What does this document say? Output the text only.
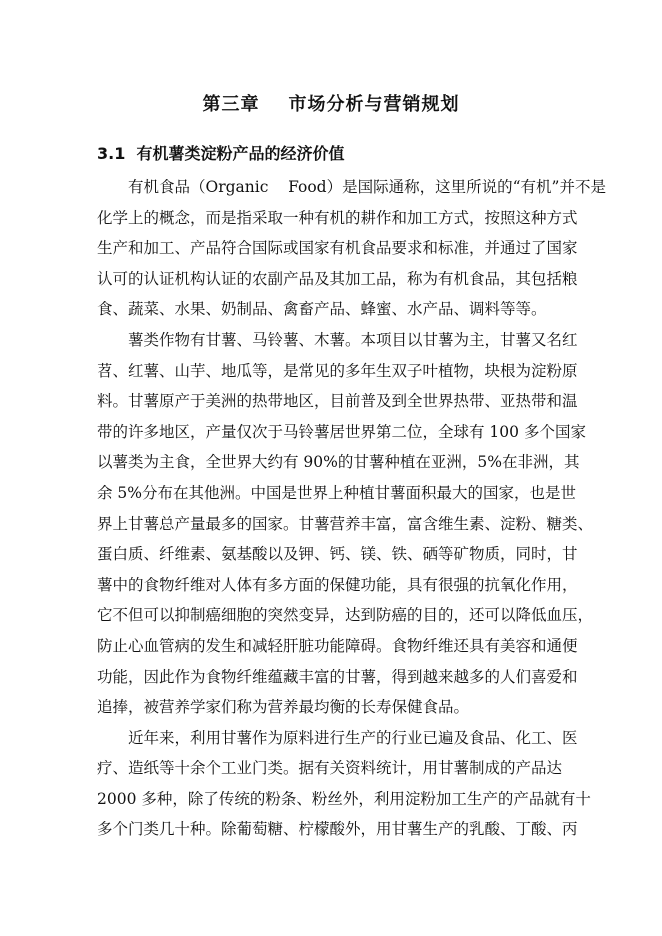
第三章    市场分析与营销规划
3.1  有机薯类淀粉产品的经济价值

有机食品（Organic    Food）是国际通称，这里所说的“有机”并不是
化学上的概念，而是指采取一种有机的耕作和加工方式，按照这种方式
生产和加工、产品符合国际或国家有机食品要求和标准，并通过了国家
认可的认证机构认证的农副产品及其加工品，称为有机食品，其包括粮
食、蔬菜、水果、奶制品、禽畜产品、蜂蜜、水产品、调料等等。

薯类作物有甘薯、马铃薯、木薯。本项目以甘薯为主，甘薯又名红
苕、红薯、山芋、地瓜等，是常见的多年生双子叶植物，块根为淀粉原
料。甘薯原产于美洲的热带地区，目前普及到全世界热带、亚热带和温
带的许多地区，产量仅次于马铃薯居世界第二位，全球有 100 多个国家
以薯类为主食，全世界大约有 90%的甘薯种植在亚洲，5%在非洲，其
余 5%分布在其他洲。中国是世界上种植甘薯面积最大的国家，也是世
界上甘薯总产量最多的国家。甘薯营养丰富，富含维生素、淀粉、糖类、
蛋白质、纤维素、氨基酸以及钾、钙、镁、铁、硒等矿物质，同时，甘
薯中的食物纤维对人体有多方面的保健功能，具有很强的抗氧化作用，
它不但可以抑制癌细胞的突然变异，达到防癌的目的，还可以降低血压，
防止心血管病的发生和减轻肝脏功能障碍。食物纤维还具有美容和通便
功能，因此作为食物纤维蕴藏丰富的甘薯，得到越来越多的人们喜爱和
追捧，被营养学家们称为营养最均衡的长寿保健食品。

近年来，利用甘薯作为原料进行生产的行业已遍及食品、化工、医
疗、造纸等十余个工业门类。据有关资料统计，用甘薯制成的产品达
2000 多种，除了传统的粉条、粉丝外，利用淀粉加工生产的产品就有十
多个门类几十种。除葡萄糖、柠檬酸外，用甘薯生产的乳酸、丁酸、丙
